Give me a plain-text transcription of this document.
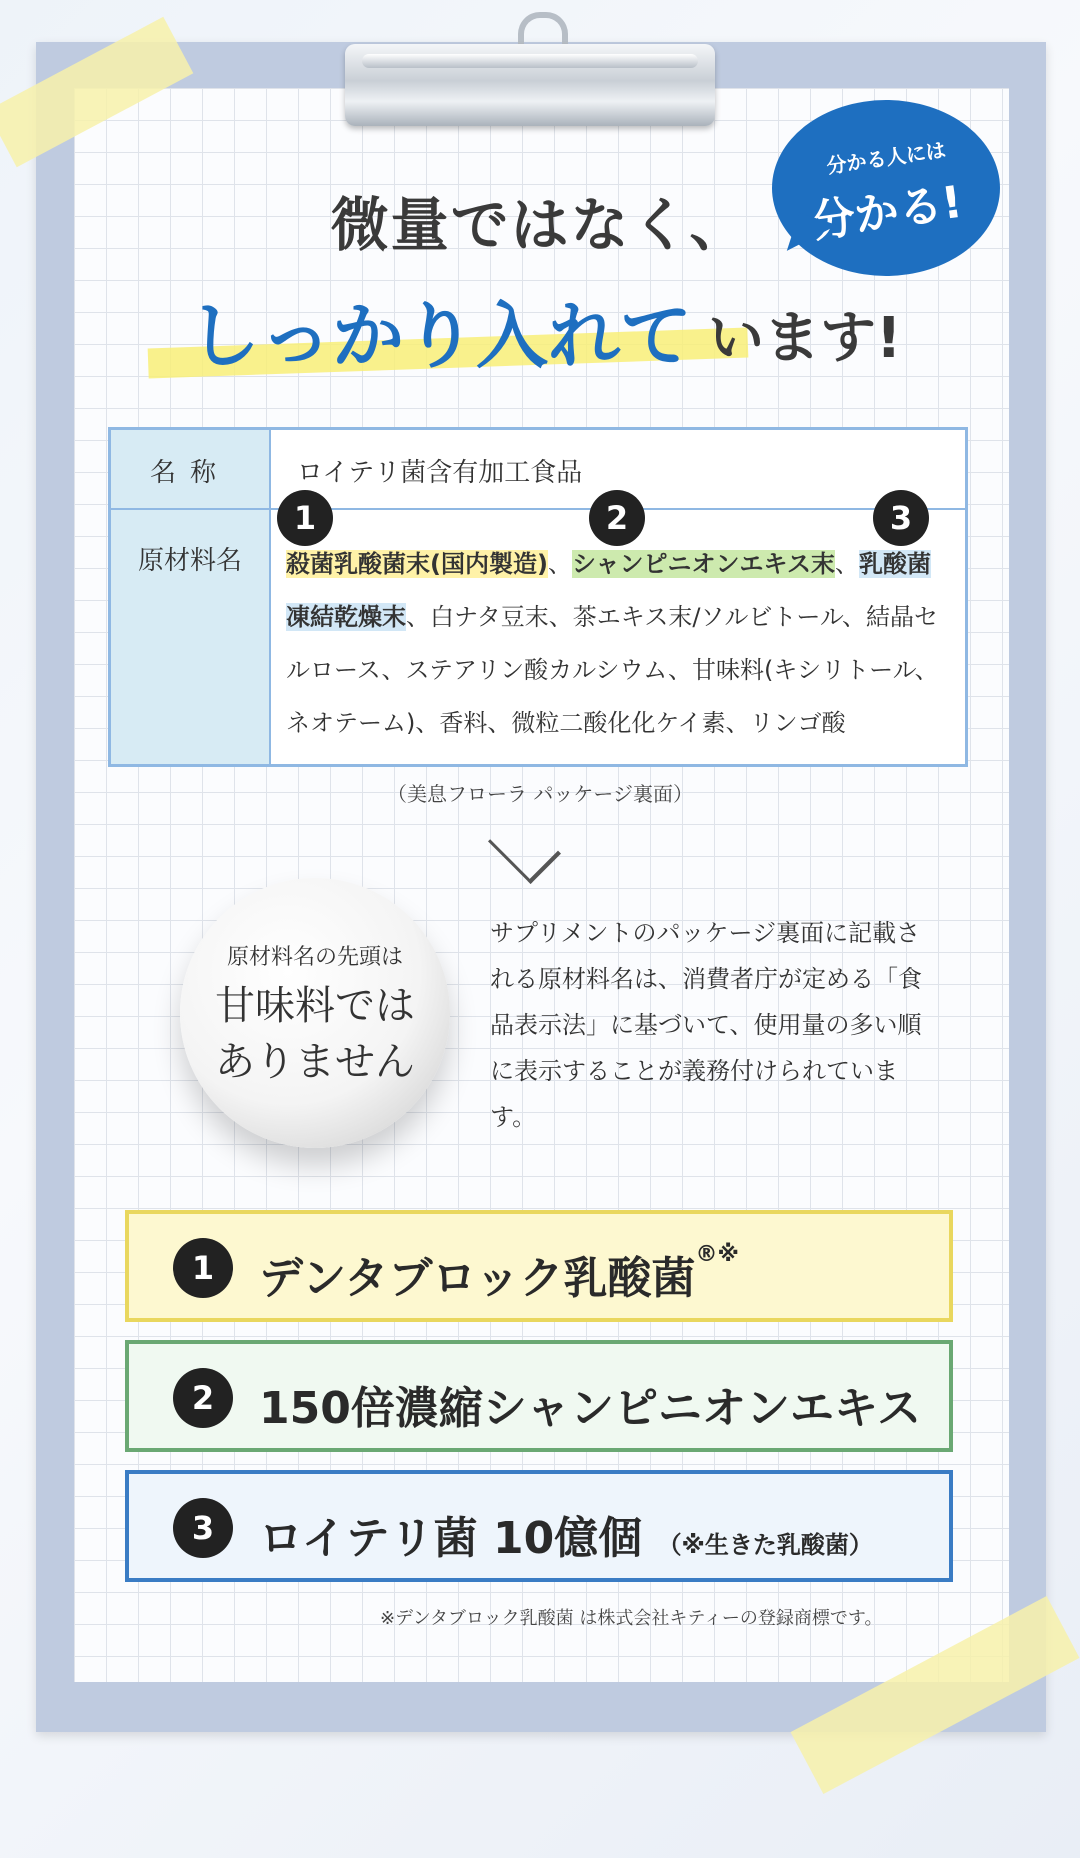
分かる人には
分かる!
微量ではなく、
しっかり入れて います!
名称	ロイテリ菌含有加工食品
原材料名	殺菌乳酸菌末(国内製造)、シャンピニオンエキス末、乳酸菌凍結乾燥末、白ナタ豆末、茶エキス末/ソルビトール、結晶セルロース、ステアリン酸カルシウム、甘味料(キシリトール、ネオテーム)、香料、微粒二酸化化ケイ素、リンゴ酸
1	2	3
（美息フローラ パッケージ裏面）
原材料名の先頭は
甘味料では
ありません
サプリメントのパッケージ裏面に記載される原材料名は、消費者庁が定める「食品表示法」に基づいて、使用量の多い順に表示することが義務付けられています。
1	デンタブロック乳酸菌®※
2	150倍濃縮シャンピニオンエキス
3	ロイテリ菌 10億個 （※生きた乳酸菌）
※デンタブロック乳酸菌 は株式会社キティーの登録商標です。
